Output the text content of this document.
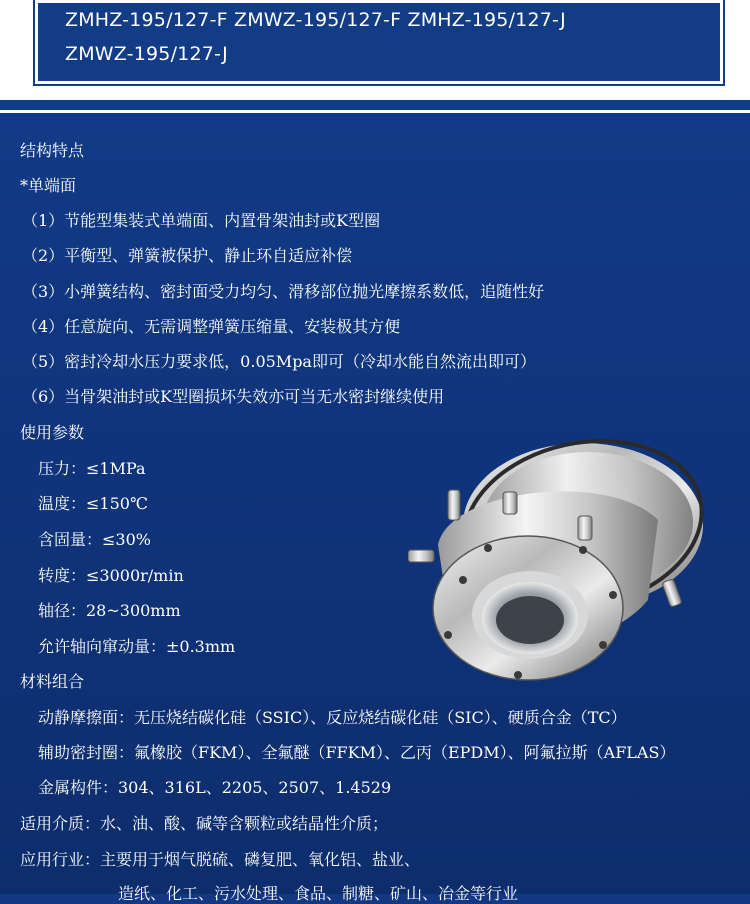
ZMHZ-195/127-F ZMWZ-195/127-F ZMHZ-195/127-J
ZMWZ-195/127-J
结构特点
*单端面
（1）节能型集装式单端面、内置骨架油封或K型圈
（2）平衡型、弹簧被保护、静止环自适应补偿
（3）小弹簧结构、密封面受力均匀、滑移部位抛光摩擦系数低，追随性好
（4）任意旋向、无需调整弹簧压缩量、安装极其方便
（5）密封冷却水压力要求低，0.05Mpa即可（冷却水能自然流出即可）
（6）当骨架油封或K型圈损坏失效亦可当无水密封继续使用
使用参数
压力：≤1MPa
温度：≤150℃
含固量：≤30%
转度：≤3000r/min
轴径：28~300mm
允许轴向窜动量：±0.3mm
材料组合
动静摩擦面：无压烧结碳化硅（SSIC）、反应烧结碳化硅（SIC）、硬质合金（TC）
辅助密封圈：氟橡胶（FKM）、全氟醚（FFKM）、乙丙（EPDM）、阿氟拉斯（AFLAS）
金属构件：304、316L、2205、2507、1.4529
适用介质：水、油、酸、碱等含颗粒或结晶性介质；
应用行业：主要用于烟气脱硫、磷复肥、氧化铝、盐业、
造纸、化工、污水处理、食品、制糖、矿山、冶金等行业
